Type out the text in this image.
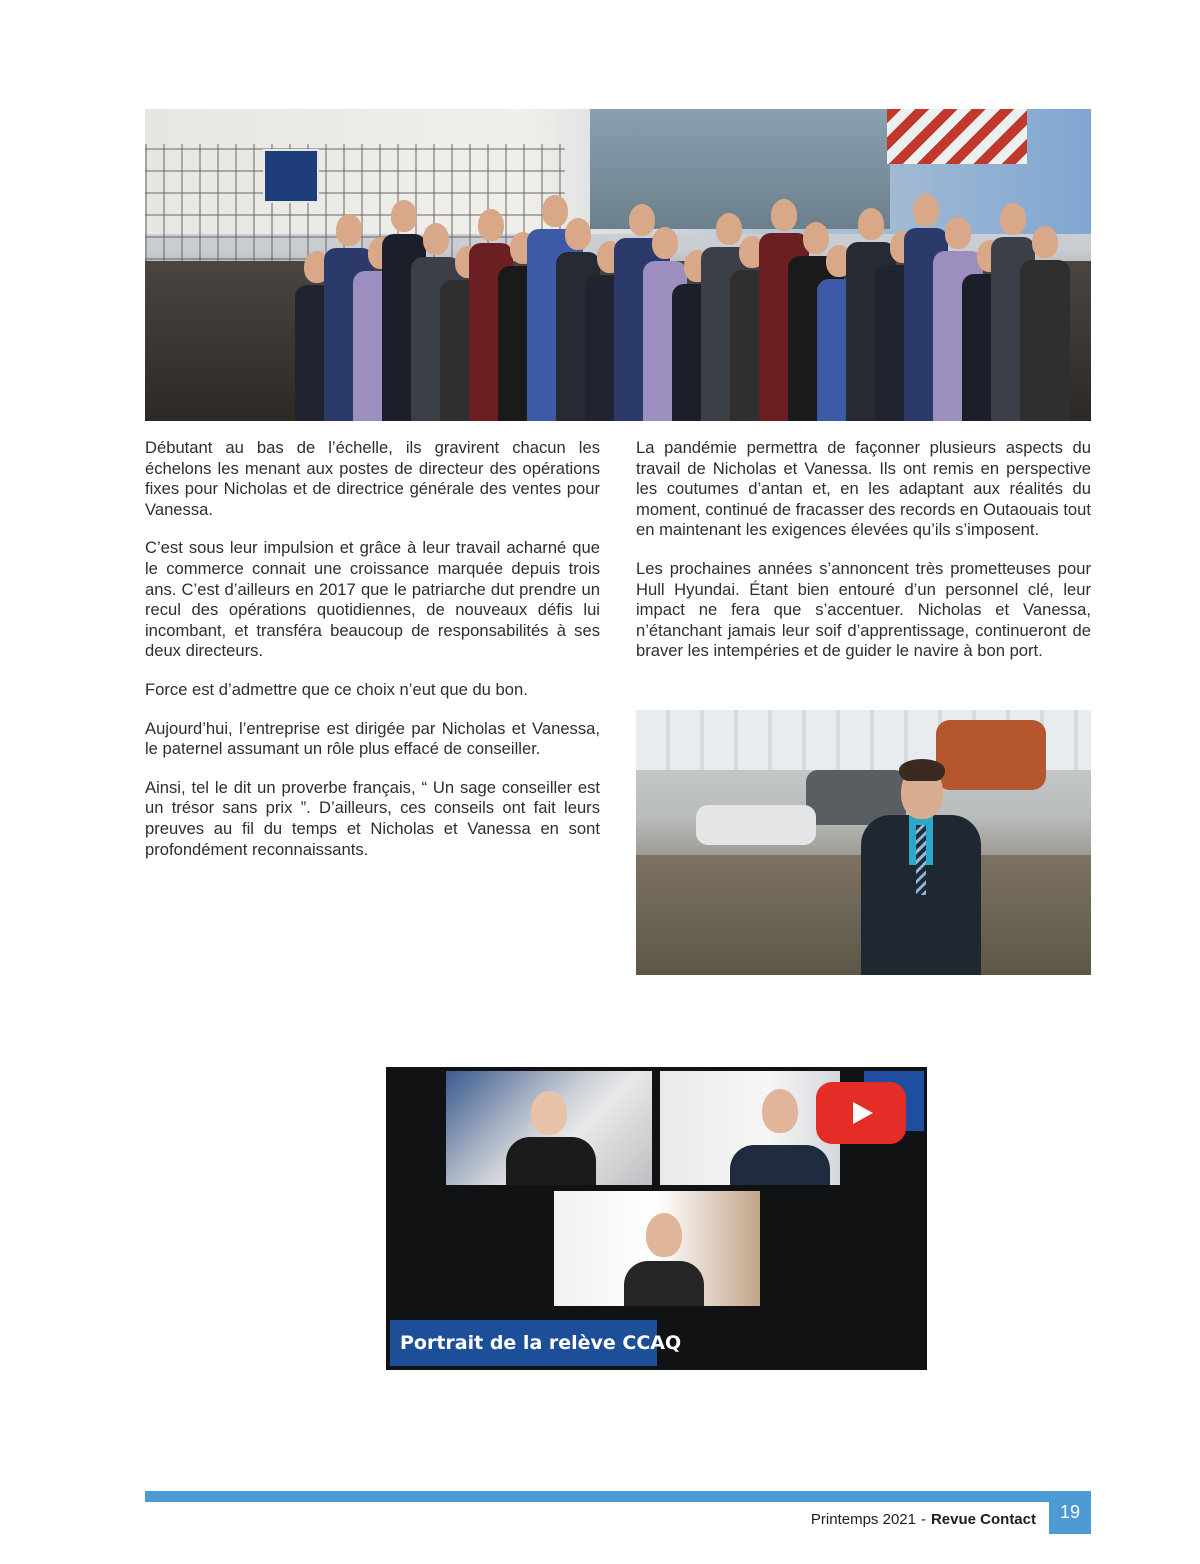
Débutant au bas de l’échelle, ils gravirent chacun les échelons les menant aux postes de directeur des opérations fixes pour Nicholas et de directrice générale des ventes pour Vanessa.

C’est sous leur impulsion et grâce à leur travail acharné que le commerce connait une croissance marquée depuis trois ans. C’est d’ailleurs en 2017 que le patriarche dut prendre un recul des opérations quotidiennes, de nouveaux défis lui incombant, et transféra beaucoup de responsabilités à ses deux directeurs.

Force est d’admettre que ce choix n’eut que du bon.

Aujourd’hui, l’entreprise est dirigée par Nicholas et Vanessa, le paternel assumant un rôle plus effacé de conseiller.

Ainsi, tel le dit un proverbe français, “ Un sage conseiller est un trésor sans prix ”. D’ailleurs, ces conseils ont fait leurs preuves au fil du temps et Nicholas et Vanessa en sont profondément reconnaissants.

La pandémie permettra de façonner plusieurs aspects du travail de Nicholas et Vanessa. Ils ont remis en perspective les coutumes d’antan et, en les adaptant aux réalités du moment, continué de fracasser des records en Outaouais tout en maintenant les exigences élevées qu’ils s’imposent.

Les prochaines années s’annoncent très prometteuses pour Hull Hyundai. Étant bien entouré d’un personnel clé, leur impact ne fera que s’accentuer. Nicholas et Vanessa, n’étanchant jamais leur soif d’apprentissage, continueront de braver les intempéries et de guider le navire à bon port.

Portrait de la relève CCAQ
Printemps 2021 - Revue Contact	19
